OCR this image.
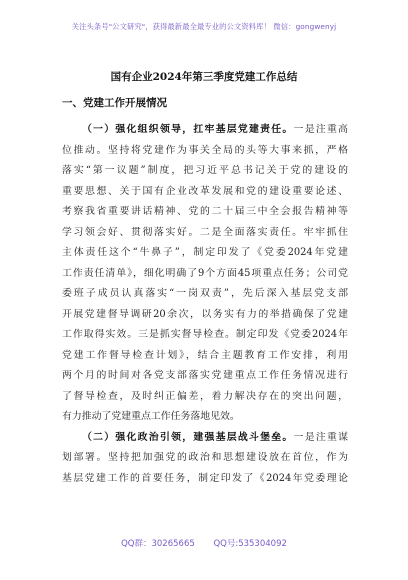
关注头条号"公文研究"，获得最新最全最专业的公文资料库！ 微信：gongwenyj
国有企业2024年第三季度党建工作总结
一、党建工作开展情况
（一）强化组织领导，扛牢基层党建责任。一是注重高
位推动。坚持将党建作为事关全局的头等大事来抓，严格
落实“第一议题”制度，把习近平总书记关于党的建设的
重要思想、关于国有企业改革发展和党的建设重要论述、
考察我省重要讲话精神、党的二十届三中全会报告精神等
学习领会好、贯彻落实好。二是全面落实责任。牢牢抓住
主体责任这个“牛鼻子”，制定印发了《党委2024年党建
工作责任清单》，细化明确了9个方面45项重点任务；公司党
委班子成员认真落实“一岗双责”，先后深入基层党支部
开展党建督导调研20余次，以务实有力的举措确保了党建
工作取得实效。三是抓实督导检查。制定印发《党委2024年
党建工作督导检查计划》，结合主题教育工作安排，利用
两个月的时间对各党支部落实党建重点工作任务情况进行
了督导检查，及时纠正偏差，着力解决存在的突出问题，
有力推动了党建重点工作任务落地见效。
（二）强化政治引领，建强基层战斗堡垒。一是注重谋
划部署。坚持把加强党的政治和思想建设放在首位，作为
基层党建工作的首要任务，制定印发了《2024年党委理论
QQ群：30265665 QQ号:535304092
